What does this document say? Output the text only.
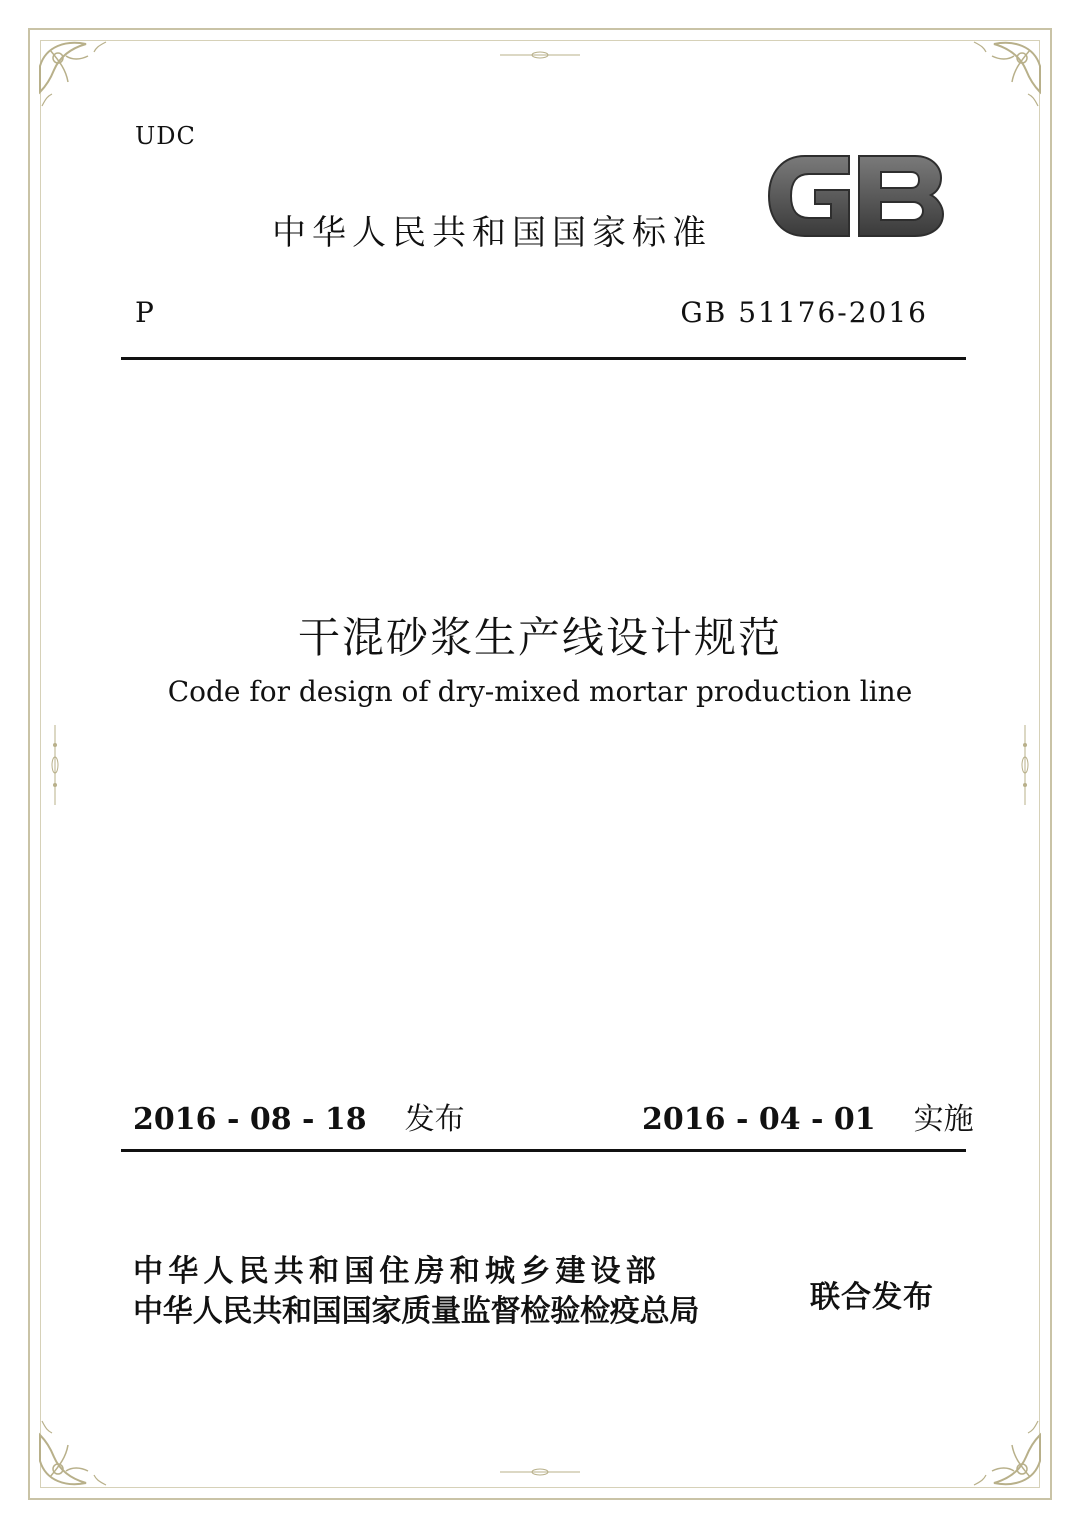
UDC
中华人民共和国国家标准
P	GB 51176-2016
干混砂浆生产线设计规范
Code for design of dry-mixed mortar production line
2016 - 08 - 18 发布	2016 - 04 - 01 实施
中华人民共和国住房和城乡建设部
中华人民共和国国家质量监督检验检疫总局	联合发布
